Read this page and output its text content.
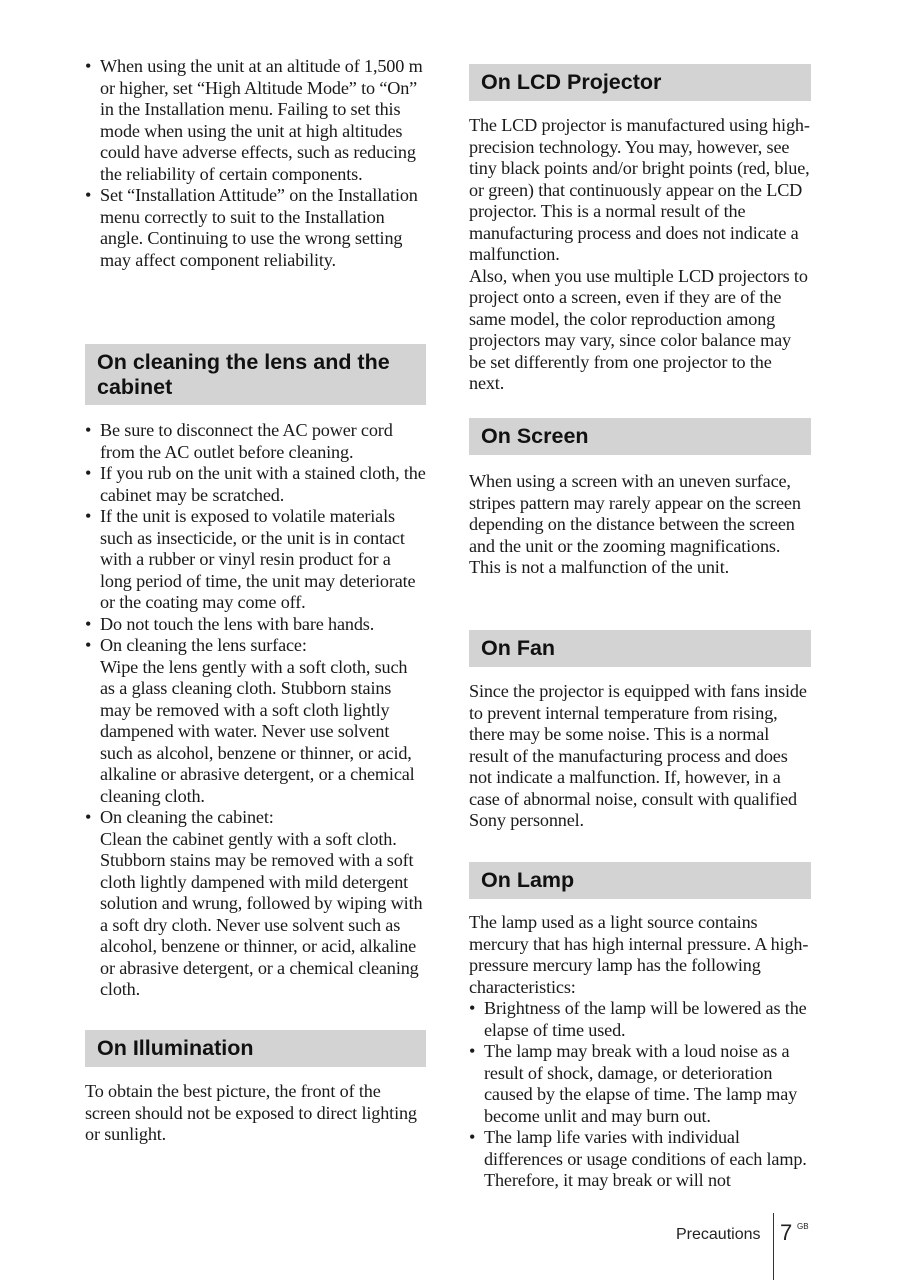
• When using the unit at an altitude of 1,500 m or higher, set “High Altitude Mode” to “On” in the Installation menu. Failing to set this mode when using the unit at high altitudes could have adverse effects, such as reducing the reliability of certain components.
• Set “Installation Attitude” on the Installation menu correctly to suit to the Installation angle. Continuing to use the wrong setting may affect component reliability.
On cleaning the lens and the cabinet
• Be sure to disconnect the AC power cord from the AC outlet before cleaning.
• If you rub on the unit with a stained cloth, the cabinet may be scratched.
• If the unit is exposed to volatile materials such as insecticide, or the unit is in contact with a rubber or vinyl resin product for a long period of time, the unit may deteriorate or the coating may come off.
• Do not touch the lens with bare hands.
• On cleaning the lens surface:
Wipe the lens gently with a soft cloth, such as a glass cleaning cloth. Stubborn stains may be removed with a soft cloth lightly dampened with water. Never use solvent such as alcohol, benzene or thinner, or acid, alkaline or abrasive detergent, or a chemical cleaning cloth.
• On cleaning the cabinet:
Clean the cabinet gently with a soft cloth. Stubborn stains may be removed with a soft cloth lightly dampened with mild detergent solution and wrung, followed by wiping with a soft dry cloth. Never use solvent such as alcohol, benzene or thinner, or acid, alkaline or abrasive detergent, or a chemical cleaning cloth.
On Illumination

To obtain the best picture, the front of the screen should not be exposed to direct lighting or sunlight.

On LCD Projector

The LCD projector is manufactured using high-precision technology. You may, however, see tiny black points and/or bright points (red, blue, or green) that continuously appear on the LCD projector. This is a normal result of the manufacturing process and does not indicate a malfunction.

Also, when you use multiple LCD projectors to project onto a screen, even if they are of the same model, the color reproduction among projectors may vary, since color balance may be set differently from one projector to the next.

On Screen

When using a screen with an uneven surface, stripes pattern may rarely appear on the screen depending on the distance between the screen and the unit or the zooming magnifications. This is not a malfunction of the unit.

On Fan

Since the projector is equipped with fans inside to prevent internal temperature from rising, there may be some noise. This is a normal result of the manufacturing process and does not indicate a malfunction. If, however, in a case of abnormal noise, consult with qualified Sony personnel.

On Lamp

The lamp used as a light source contains mercury that has high internal pressure. A high-pressure mercury lamp has the following characteristics:

• Brightness of the lamp will be lowered as the elapse of time used.
• The lamp may break with a loud noise as a result of shock, damage, or deterioration caused by the elapse of time. The lamp may become unlit and may burn out.
• The lamp life varies with individual differences or usage conditions of each lamp. Therefore, it may break or will not
Precautions 7 GB
